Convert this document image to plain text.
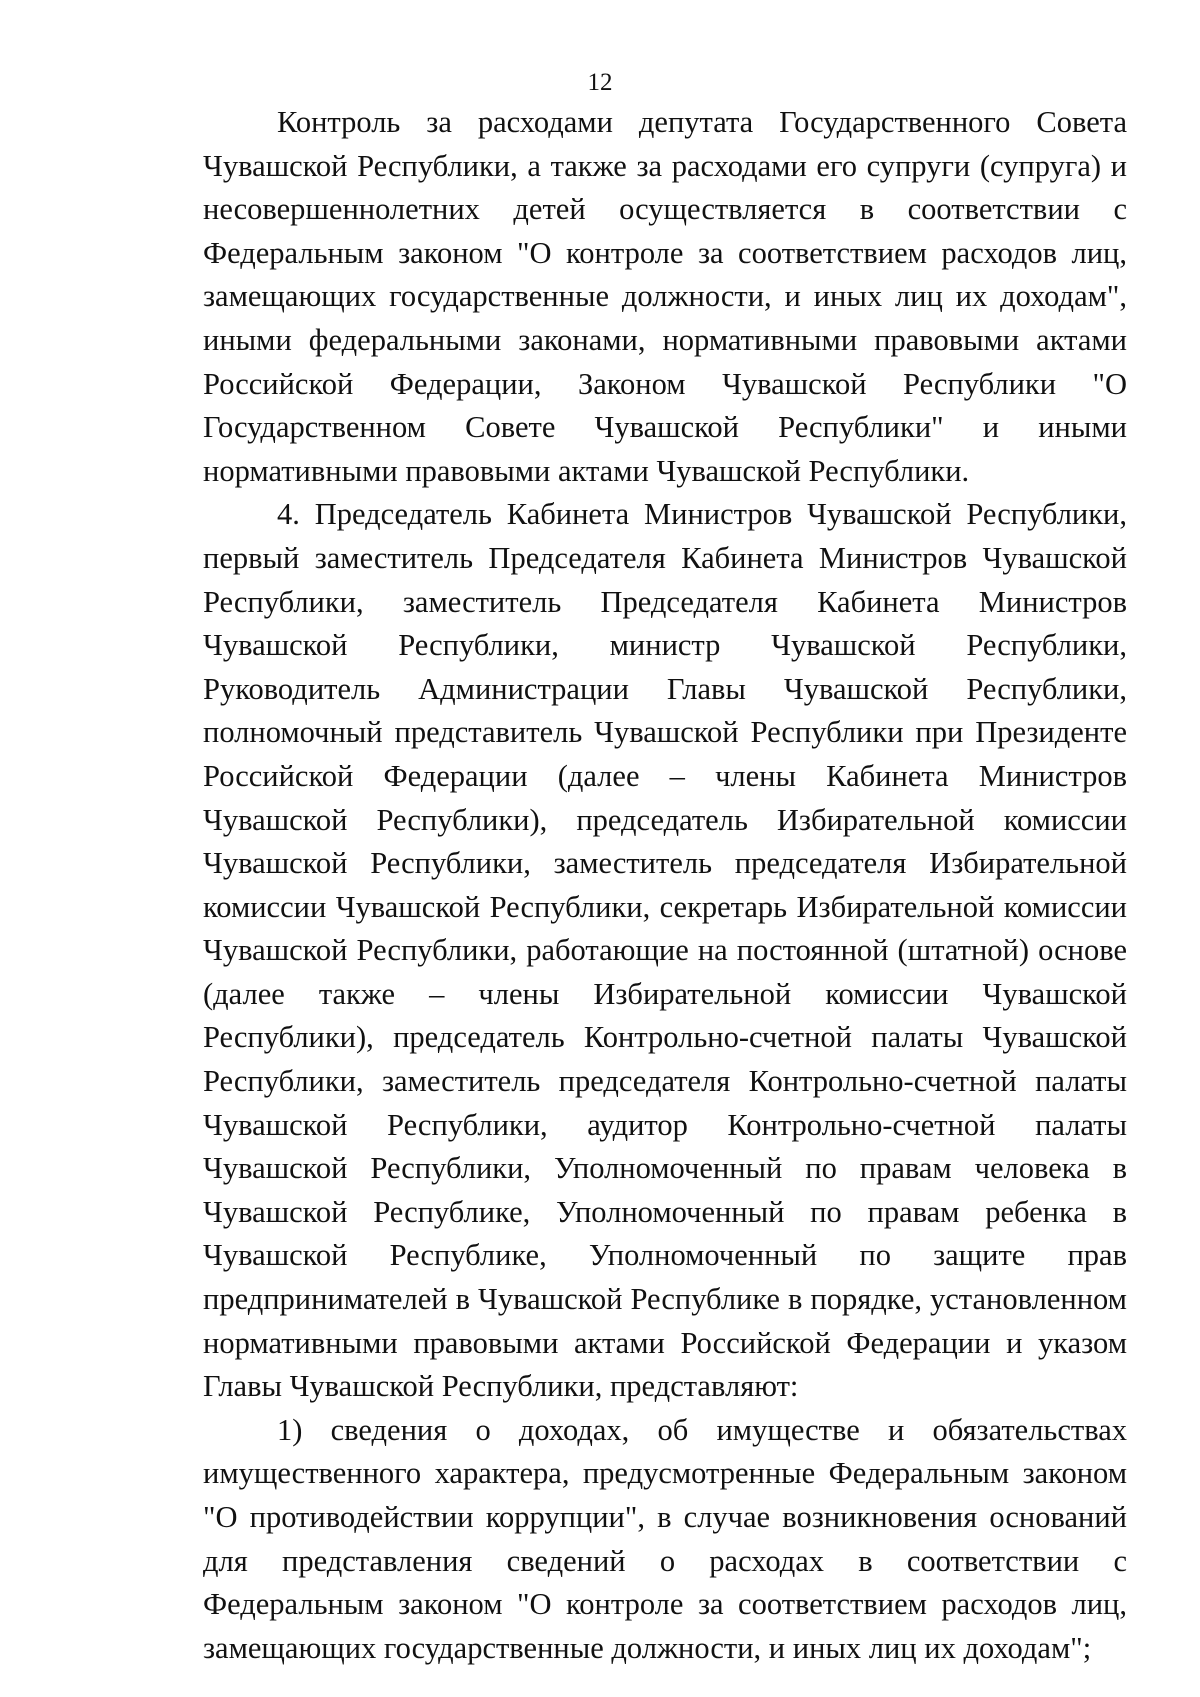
12

Контроль за расходами депутата Государственного Совета Чувашской Республики, а также за расходами его супруги (супруга) и несовершеннолетних детей осуществляется в соответствии с Федеральным законом "О контроле за соответствием расходов лиц, замещающих государственные должности, и иных лиц их доходам", иными федеральными законами, нормативными правовыми актами Российской Федерации, Законом Чувашской Республики "О Государственном Совете Чувашской Республики" и иными нормативными правовыми актами Чувашской Республики.

4. Председатель Кабинета Министров Чувашской Республики, первый заместитель Председателя Кабинета Министров Чувашской Республики, заместитель Председателя Кабинета Министров Чувашской Республики, министр Чувашской Республики, Руководитель Администрации Главы Чувашской Республики, полномочный представитель Чувашской Республики при Президенте Российской Федерации (далее – члены Кабинета Министров Чувашской Республики), председатель Избирательной комиссии Чувашской Республики, заместитель председателя Избирательной комиссии Чувашской Республики, секретарь Избирательной комиссии Чувашской Республики, работающие на постоянной (штатной) основе (далее также – члены Избирательной комиссии Чувашской Республики), председатель Контрольно-счетной палаты Чувашской Республики, заместитель председателя Контрольно-счетной палаты Чувашской Республики, аудитор Контрольно-счетной палаты Чувашской Республики, Уполномоченный по правам человека в Чувашской Республике, Уполномоченный по правам ребенка в Чувашской Республике, Уполномоченный по защите прав предпринимателей в Чувашской Республике в порядке, установленном нормативными правовыми актами Российской Федерации и указом Главы Чувашской Республики, представляют:

1) сведения о доходах, об имуществе и обязательствах имущественного характера, предусмотренные Федеральным законом "О противодействии коррупции", в случае возникновения оснований для представления сведений о расходах в соответствии с Федеральным законом "О контроле за соответствием расходов лиц, замещающих государственные должности, и иных лиц их доходам";
